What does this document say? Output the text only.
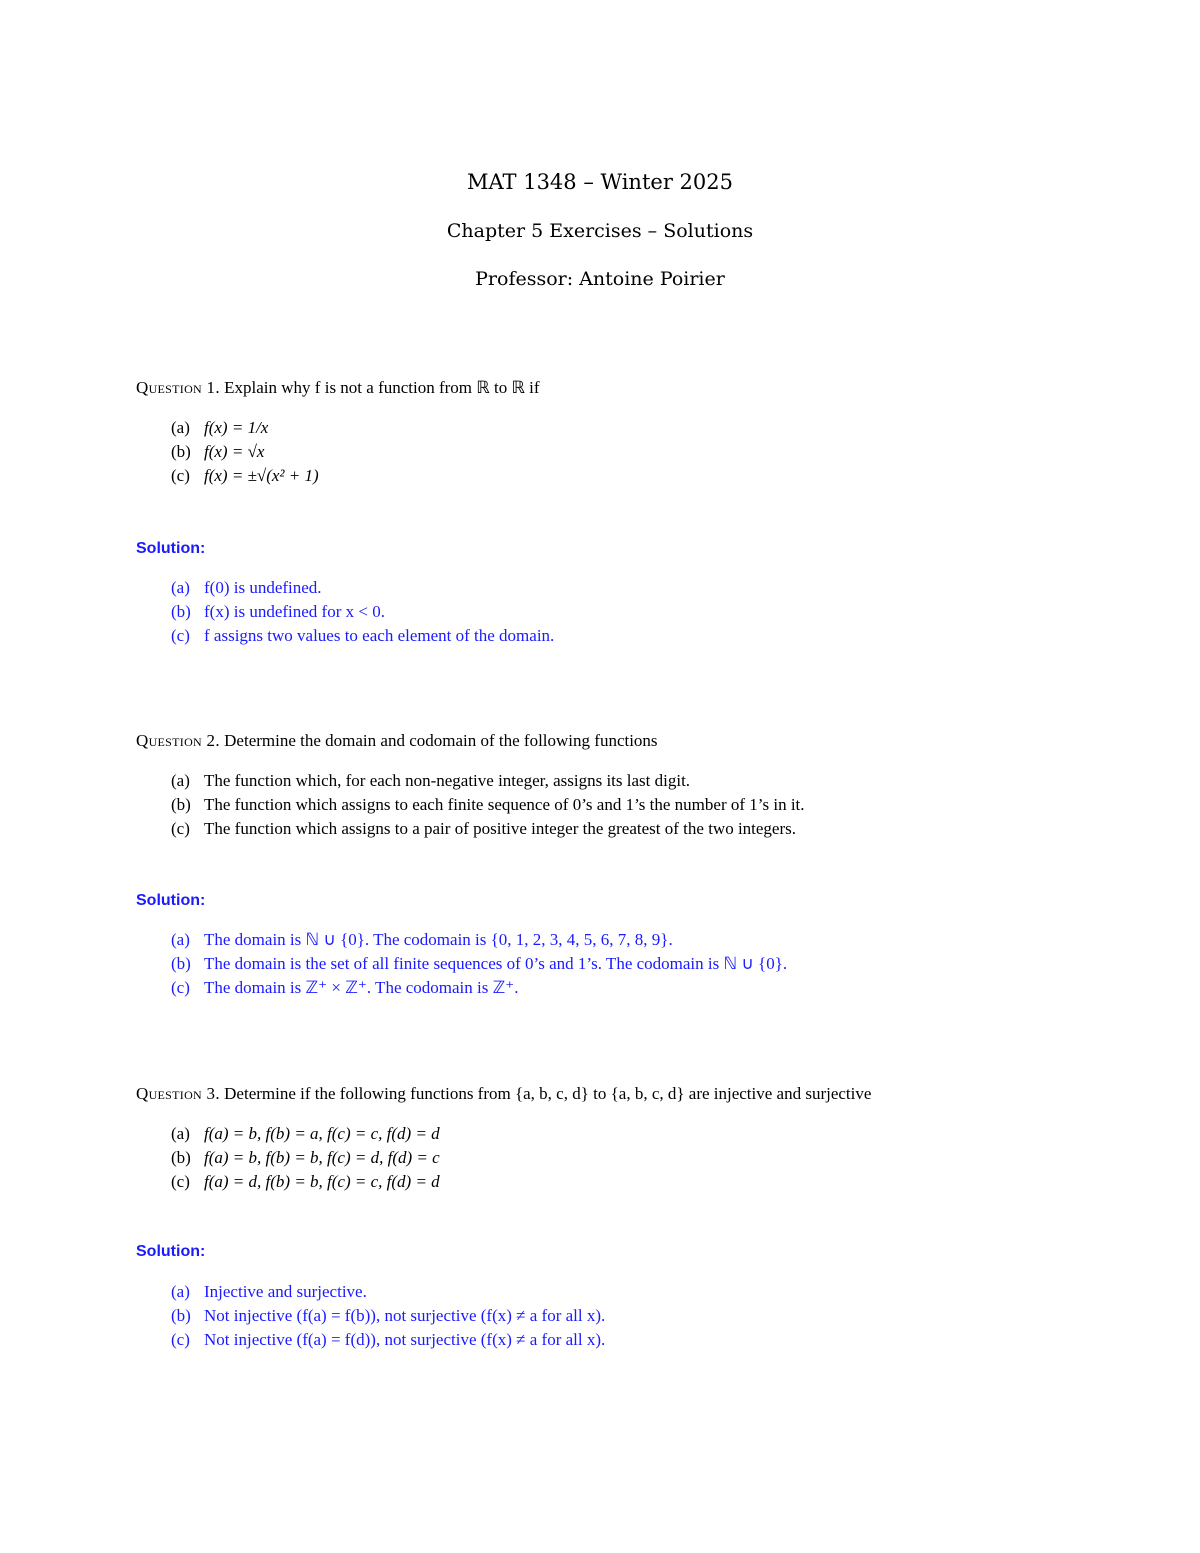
MAT 1348 – Winter 2025
Chapter 5 Exercises – Solutions
Professor: Antoine Poirier
Question 1. Explain why f is not a function from ℝ to ℝ if
(a) f(x) = 1/x
(b) f(x) = √x
(c) f(x) = ±√(x² + 1)
Solution:
(a) f(0) is undefined.
(b) f(x) is undefined for x < 0.
(c) f assigns two values to each element of the domain.
Question 2. Determine the domain and codomain of the following functions
(a) The function which, for each non-negative integer, assigns its last digit.
(b) The function which assigns to each finite sequence of 0’s and 1’s the number of 1’s in it.
(c) The function which assigns to a pair of positive integer the greatest of the two integers.
Solution:
(a) The domain is ℕ ∪ {0}. The codomain is {0, 1, 2, 3, 4, 5, 6, 7, 8, 9}.
(b) The domain is the set of all finite sequences of 0’s and 1’s. The codomain is ℕ ∪ {0}.
(c) The domain is ℤ⁺ × ℤ⁺. The codomain is ℤ⁺.
Question 3. Determine if the following functions from {a, b, c, d} to {a, b, c, d} are injective and surjective
(a) f(a) = b, f(b) = a, f(c) = c, f(d) = d
(b) f(a) = b, f(b) = b, f(c) = d, f(d) = c
(c) f(a) = d, f(b) = b, f(c) = c, f(d) = d
Solution:
(a) Injective and surjective.
(b) Not injective (f(a) = f(b)), not surjective (f(x) ≠ a for all x).
(c) Not injective (f(a) = f(d)), not surjective (f(x) ≠ a for all x).
